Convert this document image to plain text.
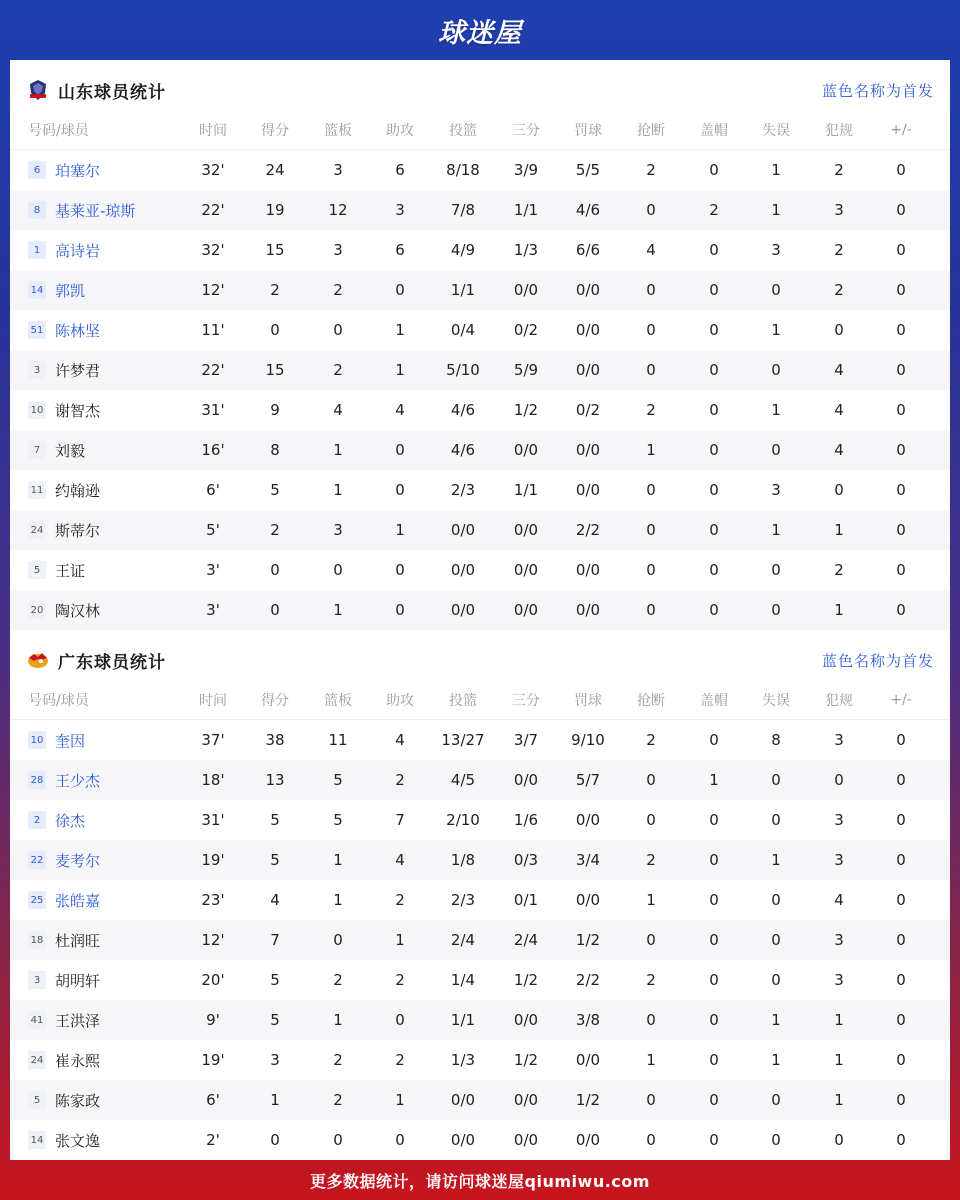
球迷屋
山东球员统计	蓝色名称为首发
号码/球员	时间	得分	篮板	助攻	投篮	三分	罚球	抢断	盖帽	失误	犯规	+/-
6 珀塞尔	32'	24	3	6	8/18	3/9	5/5	2	0	1	2	0
8 基莱亚-琼斯	22'	19	12	3	7/8	1/1	4/6	0	2	1	3	0
1 高诗岩	32'	15	3	6	4/9	1/3	6/6	4	0	3	2	0
14 郭凯	12'	2	2	0	1/1	0/0	0/0	0	0	0	2	0
51 陈林坚	11'	0	0	1	0/4	0/2	0/0	0	0	1	0	0
3 许梦君	22'	15	2	1	5/10	5/9	0/0	0	0	0	4	0
10 谢智杰	31'	9	4	4	4/6	1/2	0/2	2	0	1	4	0
7 刘毅	16'	8	1	0	4/6	0/0	0/0	1	0	0	4	0
11 约翰逊	6'	5	1	0	2/3	1/1	0/0	0	0	3	0	0
24 斯蒂尔	5'	2	3	1	0/0	0/0	2/2	0	0	1	1	0
5 王证	3'	0	0	0	0/0	0/0	0/0	0	0	0	2	0
20 陶汉林	3'	0	1	0	0/0	0/0	0/0	0	0	0	1	0
广东球员统计	蓝色名称为首发
号码/球员	时间	得分	篮板	助攻	投篮	三分	罚球	抢断	盖帽	失误	犯规	+/-
10 奎因	37'	38	11	4	13/27	3/7	9/10	2	0	8	3	0
28 王少杰	18'	13	5	2	4/5	0/0	5/7	0	1	0	0	0
2 徐杰	31'	5	5	7	2/10	1/6	0/0	0	0	0	3	0
22 麦考尔	19'	5	1	4	1/8	0/3	3/4	2	0	1	3	0
25 张皓嘉	23'	4	1	2	2/3	0/1	0/0	1	0	0	4	0
18 杜润旺	12'	7	0	1	2/4	2/4	1/2	0	0	0	3	0
3 胡明轩	20'	5	2	2	1/4	1/2	2/2	2	0	0	3	0
41 王洪泽	9'	5	1	0	1/1	0/0	3/8	0	0	1	1	0
24 崔永熙	19'	3	2	2	1/3	1/2	0/0	1	0	1	1	0
5 陈家政	6'	1	2	1	0/0	0/0	1/2	0	0	0	1	0
14 张文逸	2'	0	0	0	0/0	0/0	0/0	0	0	0	0	0
更多数据统计，请访问球迷屋qiumiwu.com
